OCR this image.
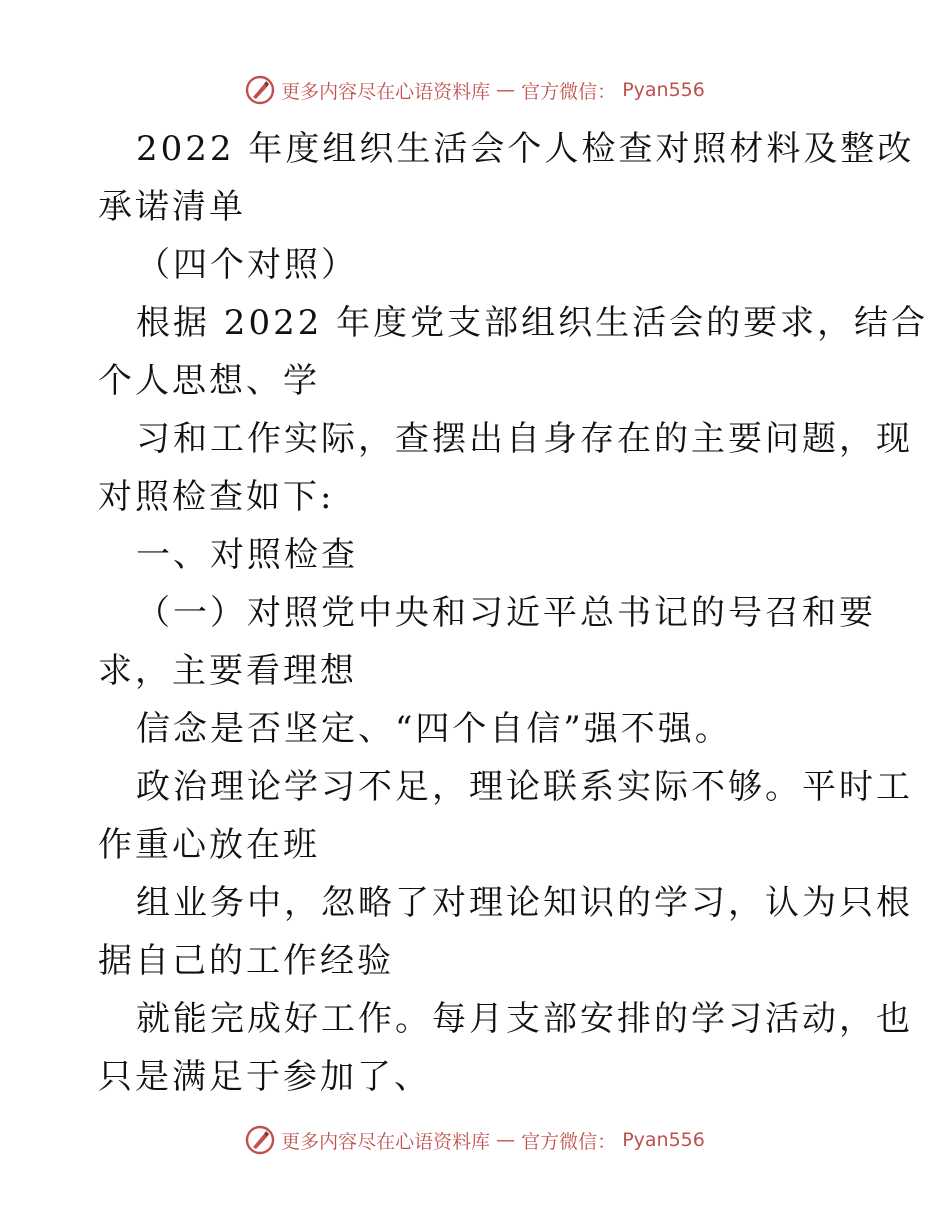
更多内容尽在心语资料库 — 官方微信： Pyan556
2022 年度组织生活会个人检查对照材料及整改
承诺清单
（四个对照）
根据 2022 年度党支部组织生活会的要求，结合
个人思想、学
习和工作实际，查摆出自身存在的主要问题，现
对照检查如下:
一、对照检查
（一）对照党中央和习近平总书记的号召和要
求，主要看理想
信念是否坚定、“四个自信”强不强。
政治理论学习不足，理论联系实际不够。平时工
作重心放在班
组业务中，忽略了对理论知识的学习，认为只根
据自己的工作经验
就能完成好工作。每月支部安排的学习活动，也
只是满足于参加了、
更多内容尽在心语资料库 — 官方微信： Pyan556
